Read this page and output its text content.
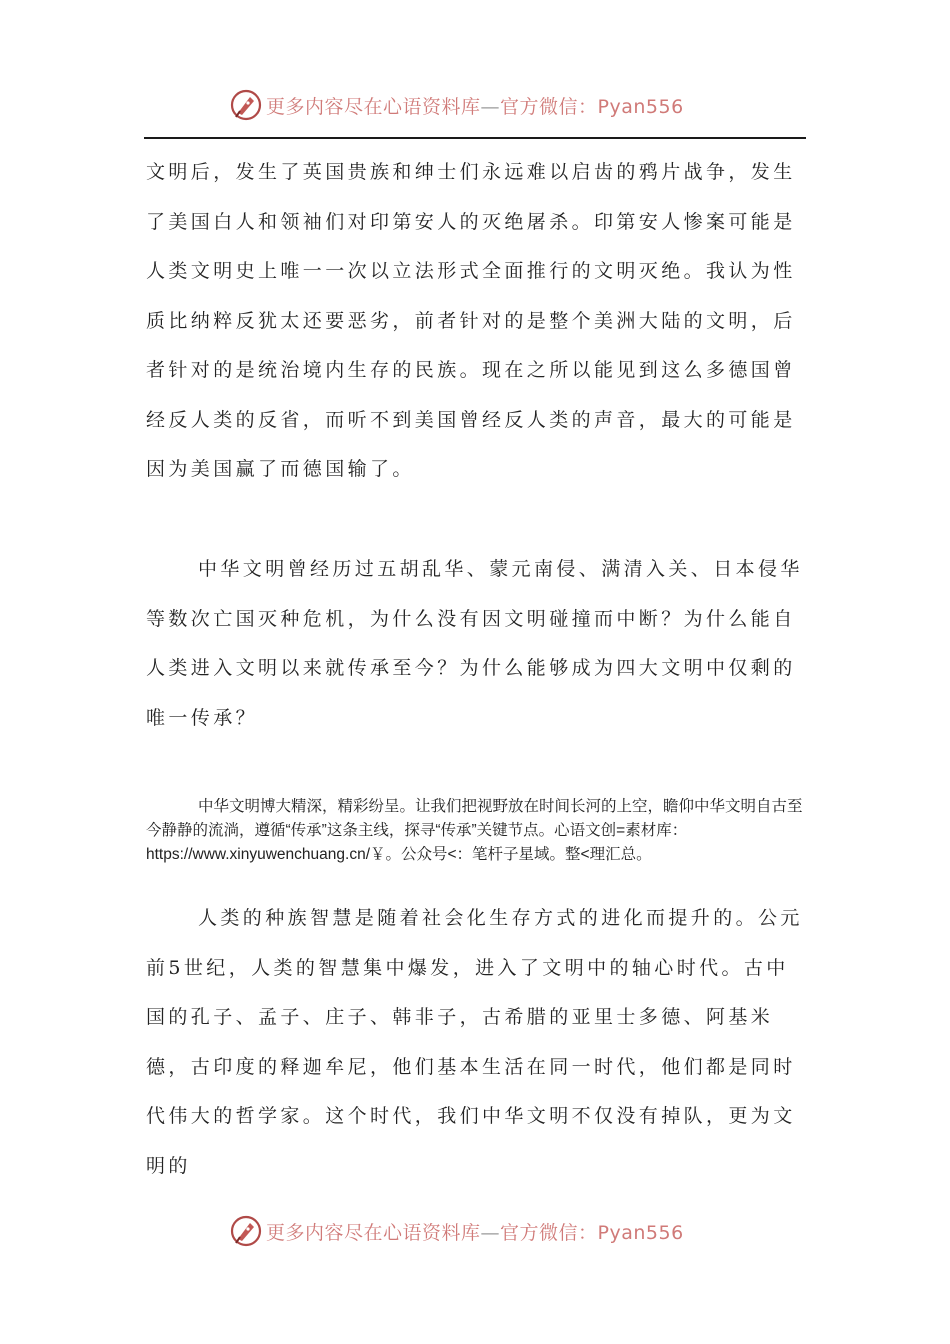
更多内容尽在心语资料库—官方微信：Pyan556

文明后，发生了英国贵族和绅士们永远难以启齿的鸦片战争，发生了美国白人和领袖们对印第安人的灭绝屠杀。印第安人惨案可能是人类文明史上唯一一次以立法形式全面推行的文明灭绝。我认为性质比纳粹反犹太还要恶劣，前者针对的是整个美洲大陆的文明，后者针对的是统治境内生存的民族。现在之所以能见到这么多德国曾经反人类的反省，而听不到美国曾经反人类的声音，最大的可能是因为美国赢了而德国输了。

中华文明曾经历过五胡乱华、蒙元南侵、满清入关、日本侵华等数次亡国灭种危机，为什么没有因文明碰撞而中断？为什么能自人类进入文明以来就传承至今？为什么能够成为四大文明中仅剩的唯一传承？

中华文明博大精深，精彩纷呈。让我们把视野放在时间长河的上空，瞻仰中华文明自古至今静静的流淌，遵循“传承”这条主线，探寻“传承”关键节点。心语文创=素材库：https://www.xinyuwenchuang.cn/￥。公众号<：笔杆子星域。整<理汇总。

人类的种族智慧是随着社会化生存方式的进化而提升的。公元前5世纪，人类的智慧集中爆发，进入了文明中的轴心时代。古中国的孔子、孟子、庄子、韩非子，古希腊的亚里士多德、阿基米德，古印度的释迦牟尼，他们基本生活在同一时代，他们都是同时代伟大的哲学家。这个时代，我们中华文明不仅没有掉队，更为文明的

更多内容尽在心语资料库—官方微信：Pyan556
